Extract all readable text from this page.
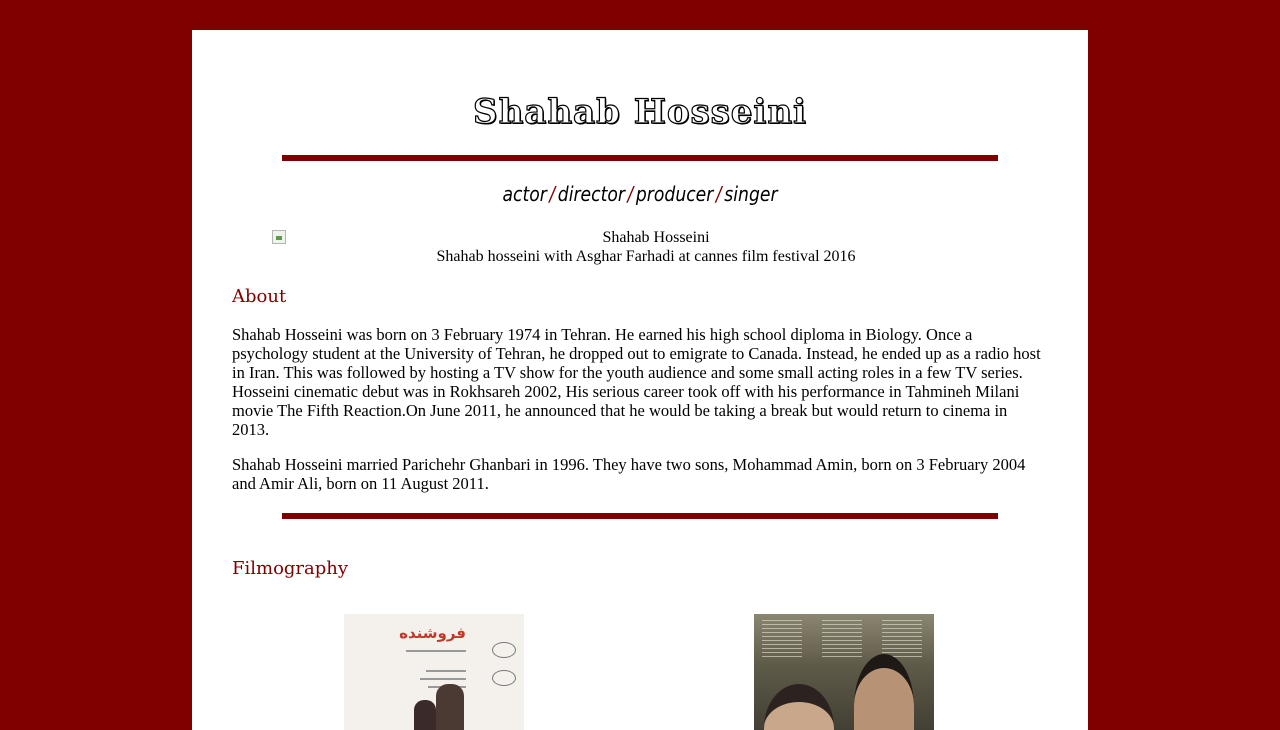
Shahab Hosseini
actor / director / producer / singer
Shahab Hosseini
Shahab hosseini with Asghar Farhadi at cannes film festival 2016
About

Shahab Hosseini was born on 3 February 1974 in Tehran. He earned his high school diploma in Biology. Once a psychology student at the University of Tehran, he dropped out to emigrate to Canada. Instead, he ended up as a radio host in Iran. This was followed by hosting a TV show for the youth audience and some small acting roles in a few TV series. Hosseini cinematic debut was in Rokhsareh 2002, His serious career took off with his performance in Tahmineh Milani movie The Fifth Reaction.On June 2011, he announced that he would be taking a break but would return to cinema in 2013.

Shahab Hosseini married Parichehr Ghanbari in 1996. They have two sons, Mohammad Amin, born on 3 February 2004 and Amir Ali, born on 11 August 2011.

Filmography
فروشنده
